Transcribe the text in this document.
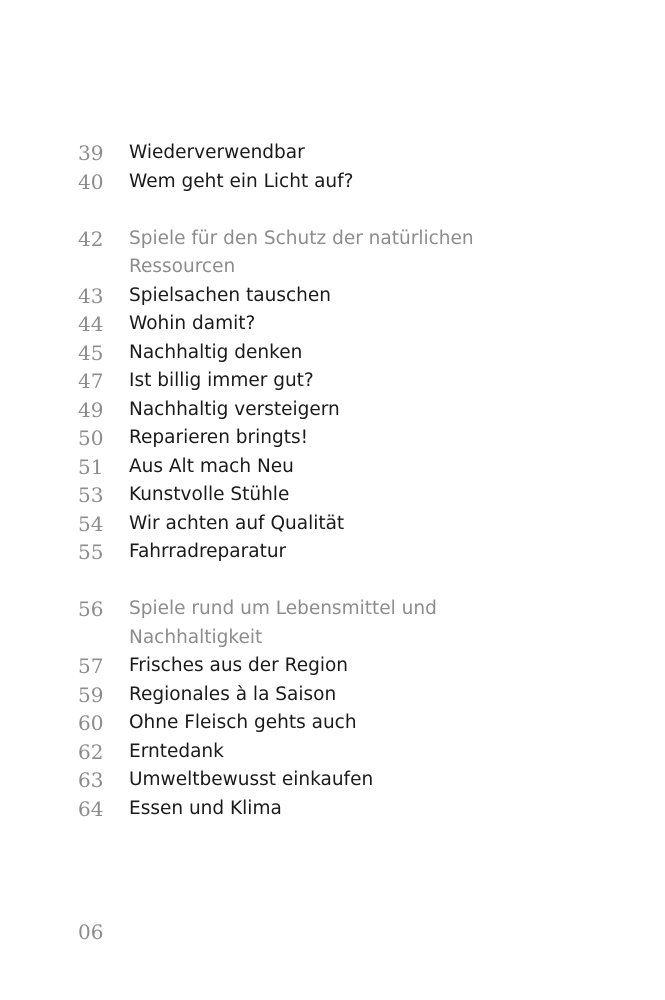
39	Wiederverwendbar
40	Wem geht ein Licht auf?
42	Spiele für den Schutz der natürlichen
Ressourcen
43	Spielsachen tauschen
44	Wohin damit?
45	Nachhaltig denken
47	Ist billig immer gut?
49	Nachhaltig versteigern
50	Reparieren bringts!
51	Aus Alt mach Neu
53	Kunstvolle Stühle
54	Wir achten auf Qualität
55	Fahrradreparatur
56	Spiele rund um Lebensmittel und
Nachhaltigkeit
57	Frisches aus der Region
59	Regionales à la Saison
60	Ohne Fleisch gehts auch
62	Erntedank
63	Umweltbewusst einkaufen
64	Essen und Klima
06
